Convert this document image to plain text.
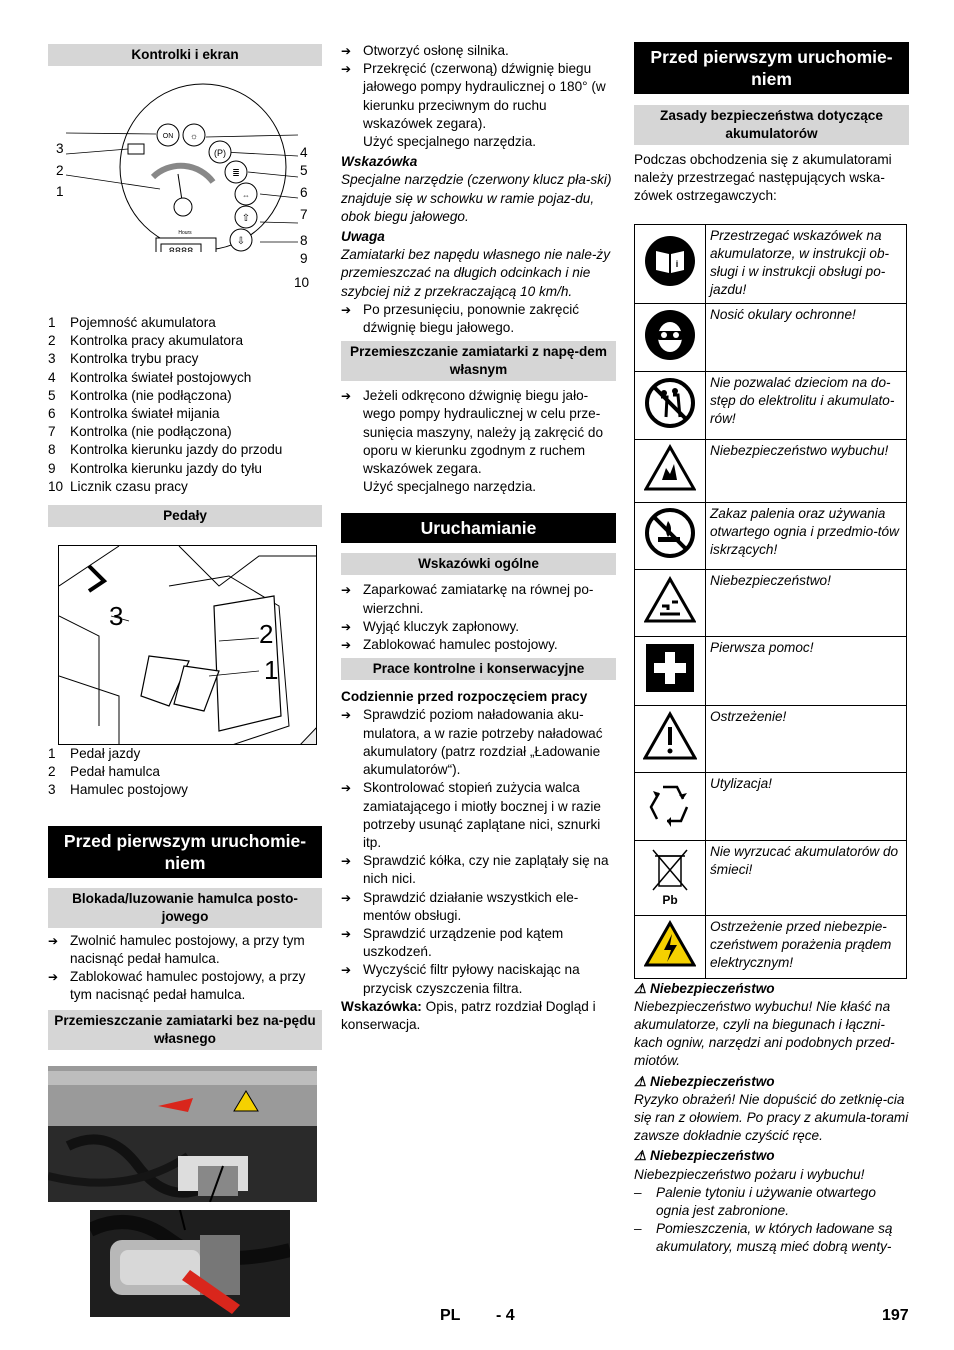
Kontrolki i ekran
ON ☼
(P)
≣
⇔
⇧
⇩
Hours
8888
3
2
1
4
5
6
7
8
9
10
1	Pojemność akumulatora
2	Kontrolka pracy akumulatora
3	Kontrolka trybu pracy
4	Kontrolka świateł postojowych
5	Kontrolka (nie podłączona)
6	Kontrolka świateł mijania
7	Kontrolka (nie podłączona)
8	Kontrolka kierunku jazdy do przodu
9	Kontrolka kierunku jazdy do tyłu
10 Licznik czasu pracy
Pedały
3
2
1
1	Pedał jazdy
2	Pedał hamulca
3	Hamulec postojowy
Przed pierwszym uruchomie-niem
Blokada/luzowanie hamulca posto-jowego
➔ Zwolnić hamulec postojowy, a przy tym nacisnąć pedał hamulca.
➔ Zablokować hamulec postojowy, a przy tym nacisnąć pedał hamulca.
Przemieszczanie zamiatarki bez na-pędu własnego
➔ Otworzyć osłonę silnika.
➔ Przekręcić (czerwoną) dźwignię biegu jałowego pompy hydraulicznej o 180° (w kierunku przeciwnym do ruchu wskazówek zegara).
Użyć specjalnego narzędzia.
Wskazówka
Specjalne narzędzie (czerwony klucz pła-ski) znajduje się w schowku w ramie pojaz-du, obok biegu jałowego.
Uwaga
Zamiatarki bez napędu własnego nie nale-ży przemieszczać na długich odcinkach i nie szybciej niż z przekraczającą 10 km/h.
➔ Po przesunięciu, ponownie zakręcić dźwignię biegu jałowego.
Przemieszczanie zamiatarki z napę-dem własnym
➔ Jeżeli odkręcono dźwignię biegu jało-wego pompy hydraulicznej w celu prze-sunięcia maszyny, należy ją zakręcić do oporu w kierunku zgodnym z ruchem wskazówek zegara.
Użyć specjalnego narzędzia.
Uruchamianie
Wskazówki ogólne
➔ Zaparkować zamiatarkę na równej po-wierzchni.
➔ Wyjąć kluczyk zapłonowy.
➔ Zablokować hamulec postojowy.
Prace kontrolne i konserwacyjne
Codziennie przed rozpoczęciem pracy
➔ Sprawdzić poziom naładowania aku-mulatora, a w razie potrzeby naładować akumulatory (patrz rozdział „Ładowanie akumulatorów“).
➔ Skontrolować stopień zużycia walca zamiatającego i miotły bocznej i w razie potrzeby usunąć zaplątane nici, sznurki itp.
➔ Sprawdzić kółka, czy nie zaplątały się na nich nici.
➔ Sprawdzić działanie wszystkich ele-mentów obsługi.
➔ Sprawdzić urządzenie pod kątem uszkodzeń.
➔ Wyczyścić filtr pyłowy naciskając na przycisk czyszczenia filtra.
Wskazówka: Opis, patrz rozdział Dogląd i konserwacja.
Przed pierwszym uruchomie-niem
Zasady bezpieczeństwa dotyczące akumulatorów
Podczas obchodzenia się z akumulatorami należy przestrzegać następujących wska-zówek ostrzegawczych:
i	Przestrzegać wskazówek na akumulatorze, w instrukcji ob-sługi i w instrukcji obsługi po-jazdu!
	Nosić okulary ochronne!
	Nie pozwalać dzieciom na do-stęp do elektrolitu i akumulato-rów!
	Niebezpieczeństwo wybuchu!
	Zakaz palenia oraz używania otwartego ognia i przedmio-tów iskrzących!
	Niebezpieczeństwo!
	Pierwsza pomoc!
	Ostrzeżenie!
	Utylizacja!

Pb	Nie wyrzucać akumulatorów do śmieci!
	Ostrzeżenie przed niebezpie-czeństwem porażenia prądem elektrycznym!
⚠ Niebezpieczeństwo
Niebezpieczeństwo wybuchu! Nie kłaść na akumulatorze, czyli na biegunach i łączni-kach ogniw, narzędzi ani podobnych przed-miotów.
⚠ Niebezpieczeństwo
Ryzyko obrażeń! Nie dopuścić do zetknię-cia się ran z ołowiem. Po pracy z akumula-torami zawsze dokładnie czyścić ręce.
⚠ Niebezpieczeństwo
Niebezpieczeństwo pożaru i wybuchu!
–	Palenie tytoniu i używanie otwartego ognia jest zabronione.
–	Pomieszczenia, w których ładowane są akumulatory, muszą mieć dobrą wenty-
PL - 4	197
